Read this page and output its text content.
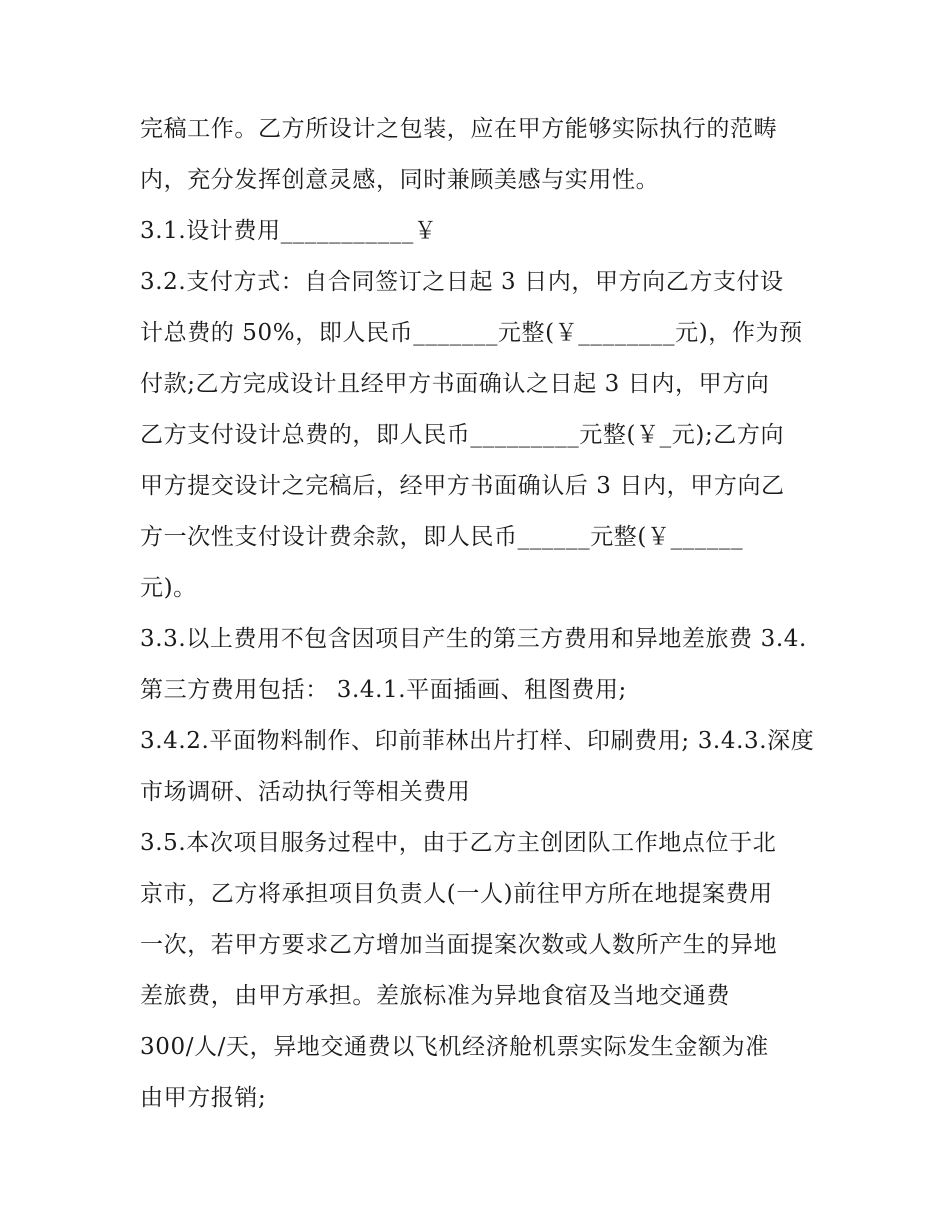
完稿工作。乙方所设计之包装，应在甲方能够实际执行的范畴
内，充分发挥创意灵感，同时兼顾美感与实用性。
3.1.设计费用___________￥
3.2.支付方式：自合同签订之日起 3 日内，甲方向乙方支付设
计总费的 50%，即人民币_______元整(￥________元)，作为预
付款;乙方完成设计且经甲方书面确认之日起 3 日内，甲方向
乙方支付设计总费的，即人民币_________元整(￥_元);乙方向
甲方提交设计之完稿后，经甲方书面确认后 3 日内，甲方向乙
方一次性支付设计费余款，即人民币______元整(￥______
元)。
3.3.以上费用不包含因项目产生的第三方费用和异地差旅费 3.4.
第三方费用包括： 3.4.1.平面插画、租图费用;
3.4.2.平面物料制作、印前菲林出片打样、印刷费用; 3.4.3.深度
市场调研、活动执行等相关费用
3.5.本次项目服务过程中，由于乙方主创团队工作地点位于北
京市，乙方将承担项目负责人(一人)前往甲方所在地提案费用
一次，若甲方要求乙方增加当面提案次数或人数所产生的异地
差旅费，由甲方承担。差旅标准为异地食宿及当地交通费
300/人/天，异地交通费以飞机经济舱机票实际发生金额为准
由甲方报销;
